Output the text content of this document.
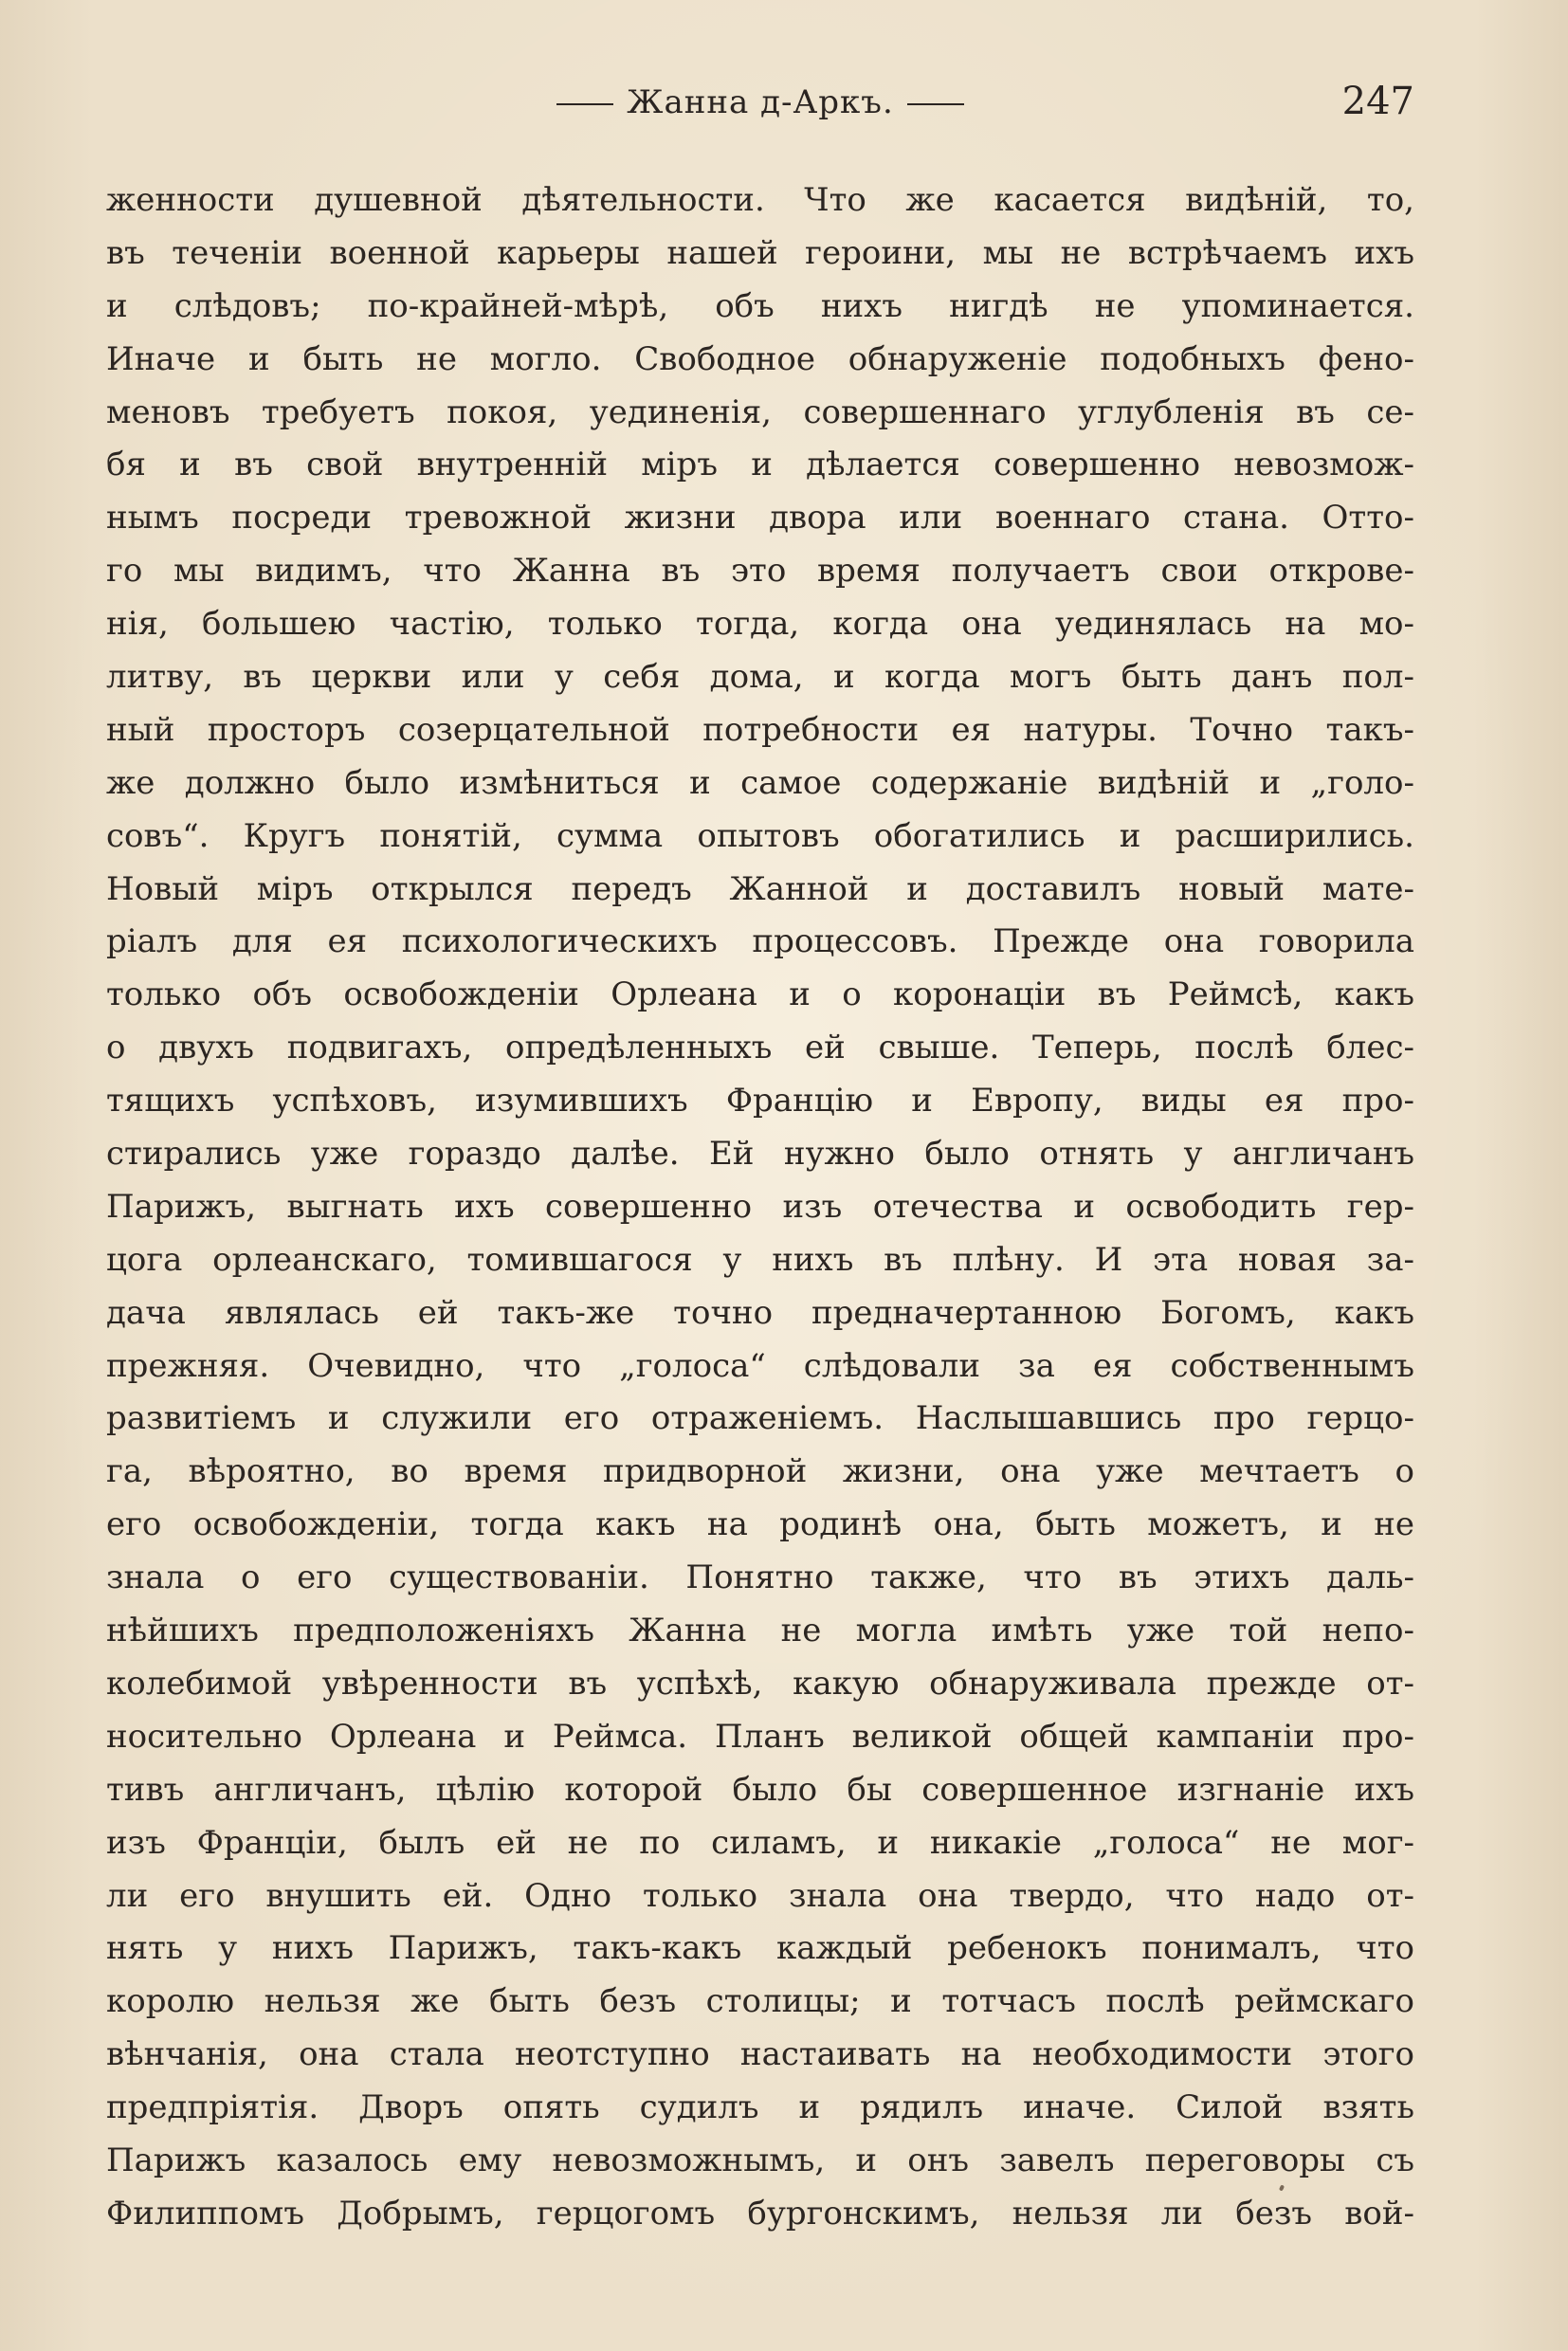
Жанна д-Аркъ.	247
женности душевной дѣятельности. Что же касается видѣній, то,
въ теченіи военной карьеры нашей героини, мы не встрѣчаемъ ихъ
и слѣдовъ; по-крайней-мѣрѣ, объ нихъ нигдѣ не упоминается.
Иначе и быть не могло. Свободное обнаруженіе подобныхъ фено-
меновъ требуетъ покоя, уединенія, совершеннаго углубленія въ се-
бя и въ свой внутренній міръ и дѣлается совершенно невозмож-
нымъ посреди тревожной жизни двора или военнаго стана. Отто-
го мы видимъ, что Жанна въ это время получаетъ свои открове-
нія, большею частію, только тогда, когда она уединялась на мо-
литву, въ церкви или у себя дома, и когда могъ быть данъ пол-
ный просторъ созерцательной потребности ея натуры. Точно такъ-
же должно было измѣниться и самое содержаніе видѣній и „голо-
совъ“. Кругъ понятій, сумма опытовъ обогатились и расширились.
Новый міръ открылся передъ Жанной и доставилъ новый мате-
ріалъ для ея психологическихъ процессовъ. Прежде она говорила
только объ освобожденіи Орлеана и о коронаціи въ Реймсѣ, какъ
о двухъ подвигахъ, опредѣленныхъ ей свыше. Теперь, послѣ блес-
тящихъ успѣховъ, изумившихъ Францію и Европу, виды ея про-
стирались уже гораздо далѣе. Ей нужно было отнять у англичанъ
Парижъ, выгнать ихъ совершенно изъ отечества и освободить гер-
цога орлеанскаго, томившагося у нихъ въ плѣну. И эта новая за-
дача являлась ей такъ-же точно предначертанною Богомъ, какъ
прежняя. Очевидно, что „голоса“ слѣдовали за ея собственнымъ
развитіемъ и служили его отраженіемъ. Наслышавшись про герцо-
га, вѣроятно, во время придворной жизни, она уже мечтаетъ о
его освобожденіи, тогда какъ на родинѣ она, быть можетъ, и не
знала о его существованіи. Понятно также, что въ этихъ даль-
нѣйшихъ предположеніяхъ Жанна не могла имѣть уже той непо-
колебимой увѣренности въ успѣхѣ, какую обнаруживала прежде от-
носительно Орлеана и Реймса. Планъ великой общей кампаніи про-
тивъ англичанъ, цѣлію которой было бы совершенное изгнаніе ихъ
изъ Франціи, былъ ей не по силамъ, и никакіе „голоса“ не мог-
ли его внушить ей. Одно только знала она твердо, что надо от-
нять у нихъ Парижъ, такъ-какъ каждый ребенокъ понималъ, что
королю нельзя же быть безъ столицы; и тотчасъ послѣ реймскаго
вѣнчанія, она стала неотступно настаивать на необходимости этого
предпріятія. Дворъ опять судилъ и рядилъ иначе. Силой взять
Парижъ казалось ему невозможнымъ, и онъ завелъ переговоры съ
Филиппомъ Добрымъ, герцогомъ бургонскимъ, нельзя ли безъ вой-
